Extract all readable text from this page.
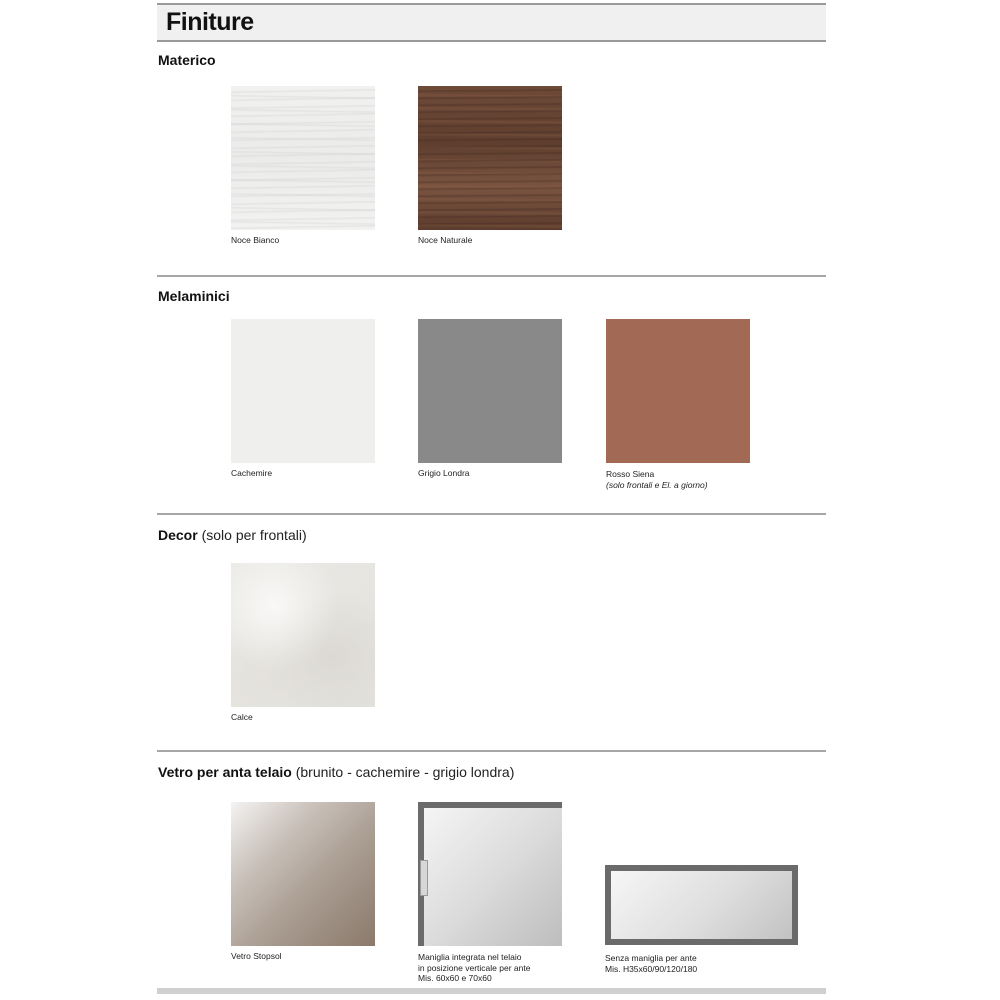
Finiture
Materico
Noce Bianco	Noce Naturale
Melaminici
Cachemire	Grigio Londra	Rosso Siena
(solo frontali e El. a giorno)
Decor (solo per frontali)
Calce
Vetro per anta telaio (brunito - cachemire - grigio londra)
Vetro Stopsol	Maniglia integrata nel telaio
in posizione verticale per ante
Mis. 60x60 e 70x60
Senza maniglia per ante
Mis. H35x60/90/120/180
